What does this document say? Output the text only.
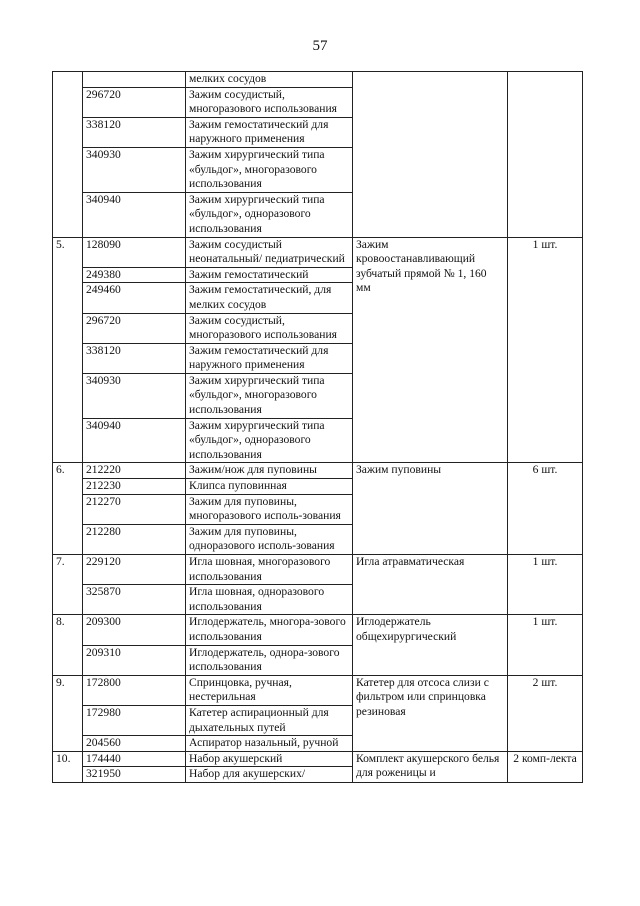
57
		мелких сосудов		
	296720	Зажим сосудистый, многоразового использования		
	338120	Зажим гемостатический для наружного применения		
	340930	Зажим хирургический типа «бульдог», многоразового использования		
	340940	Зажим хирургический типа «бульдог», одноразового использования		
5.	128090	Зажим сосудистый неонатальный/ педиатрический	Зажим кровоостанавливающий зубчатый прямой № 1, 160 мм	1 шт.
	249380	Зажим гемостатический		
	249460	Зажим гемостатический, для мелких сосудов		
	296720	Зажим сосудистый, многоразового использования		
	338120	Зажим гемостатический для наружного применения		
	340930	Зажим хирургический типа «бульдог», многоразового использования		
	340940	Зажим хирургический типа «бульдог», одноразового использования		
6.	212220	Зажим/нож для пуповины	Зажим пуповины	6 шт.
	212230	Клипса пуповинная		
	212270	Зажим для пуповины, многоразового исполь-зования		
	212280	Зажим для пуповины, одноразового исполь-зования		
7.	229120	Игла шовная, многоразового использования	Игла атравматическая	1 шт.
	325870	Игла шовная, одноразового использования		
8.	209300	Иглодержатель, многора-зового использования	Иглодержатель общехирургический	1 шт.
	209310	Иглодержатель, однора-зового использования		
9.	172800	Спринцовка, ручная, нестерильная	Катетер для отсоса слизи с фильтром или спринцовка резиновая	2 шт.
	172980	Катетер аспирационный для дыхательных путей		
	204560	Аспиратор назальный, ручной		
10.	174440	Набор акушерский	Комплект акушерского белья для роженицы и	2 комп-лекта
	321950	Набор для акушерских/		
